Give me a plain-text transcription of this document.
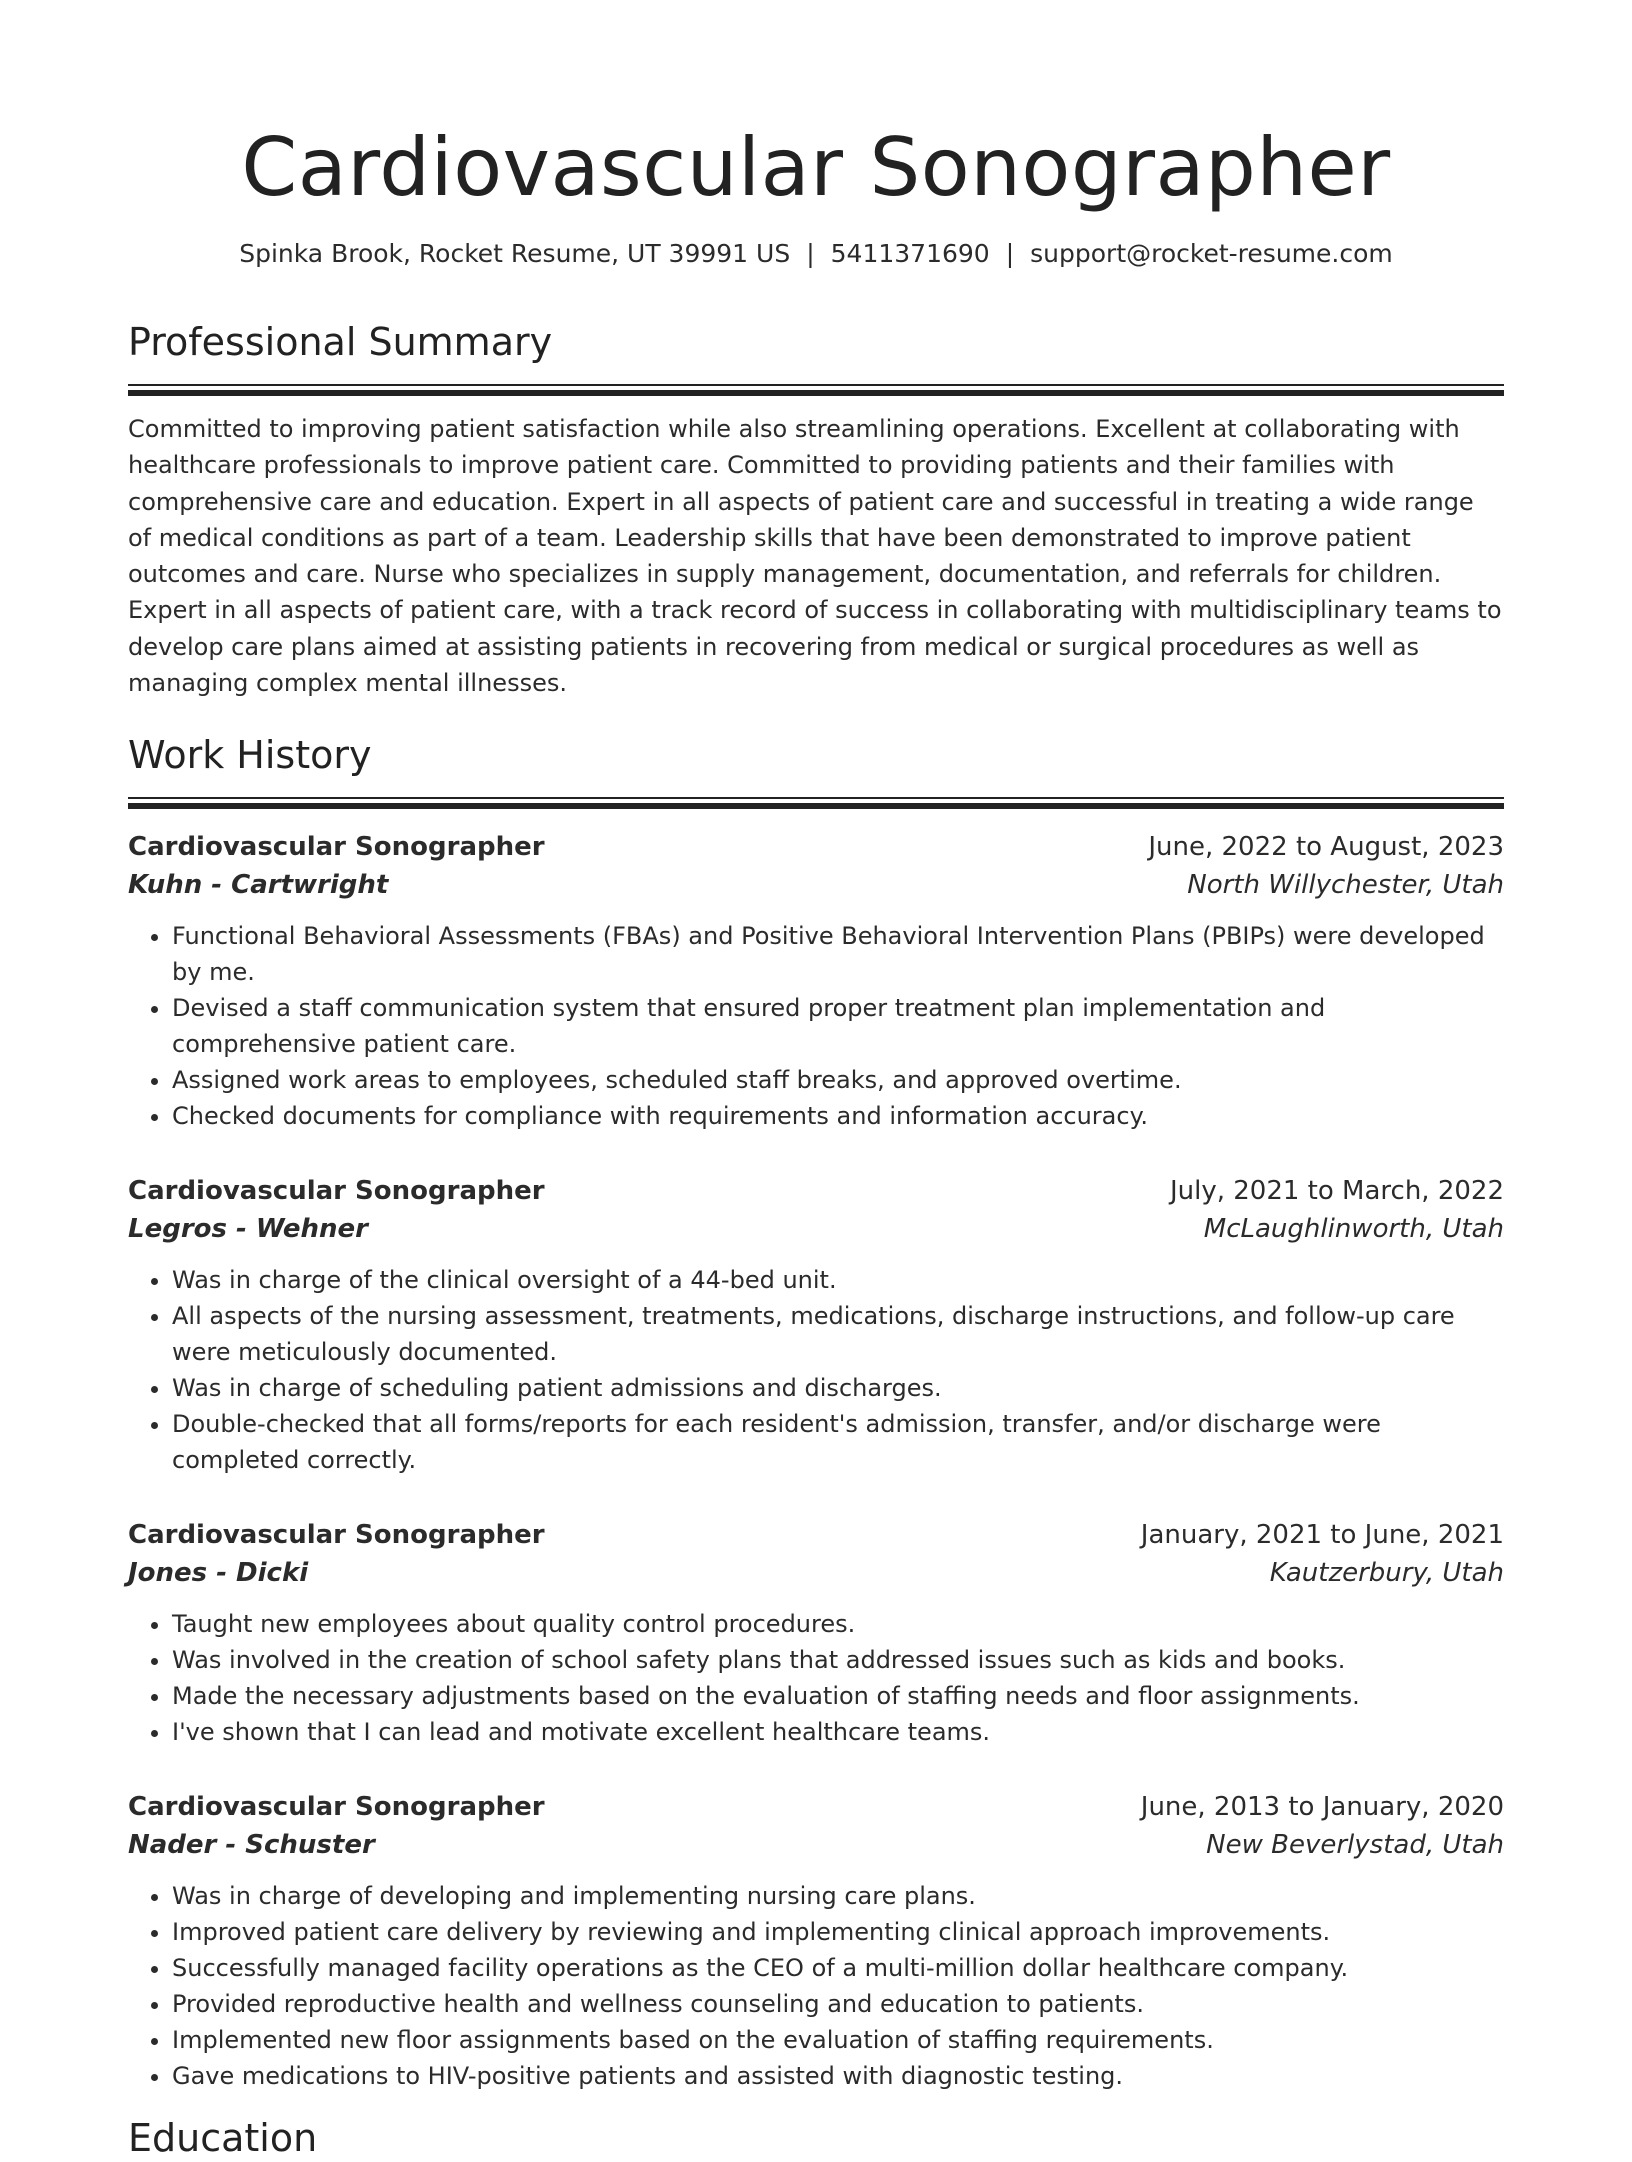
Cardiovascular Sonographer
Spinka Brook, Rocket Resume, UT 39991 US | 5411371690 | support@rocket-resume.com
Professional Summary

Committed to improving patient satisfaction while also streamlining operations. Excellent at collaborating with healthcare professionals to improve patient care. Committed to providing patients and their families with comprehensive care and education. Expert in all aspects of patient care and successful in treating a wide range of medical conditions as part of a team. Leadership skills that have been demonstrated to improve patient outcomes and care. Nurse who specializes in supply management, documentation, and referrals for children. Expert in all aspects of patient care, with a track record of success in collaborating with multidisciplinary teams to develop care plans aimed at assisting patients in recovering from medical or surgical procedures as well as managing complex mental illnesses.

Work History
Cardiovascular Sonographer	June, 2022 to August, 2023
Kuhn - Cartwright	North Willychester, Utah
• Functional Behavioral Assessments (FBAs) and Positive Behavioral Intervention Plans (PBIPs) were developed by me.
• Devised a staff communication system that ensured proper treatment plan implementation and comprehensive patient care.
• Assigned work areas to employees, scheduled staff breaks, and approved overtime.
• Checked documents for compliance with requirements and information accuracy.
Cardiovascular Sonographer	July, 2021 to March, 2022
Legros - Wehner	McLaughlinworth, Utah
• Was in charge of the clinical oversight of a 44-bed unit.
• All aspects of the nursing assessment, treatments, medications, discharge instructions, and follow-up care were meticulously documented.
• Was in charge of scheduling patient admissions and discharges.
• Double-checked that all forms/reports for each resident's admission, transfer, and/or discharge were completed correctly.
Cardiovascular Sonographer	January, 2021 to June, 2021
Jones - Dicki	Kautzerbury, Utah
• Taught new employees about quality control procedures.
• Was involved in the creation of school safety plans that addressed issues such as kids and books.
• Made the necessary adjustments based on the evaluation of staffing needs and floor assignments.
• I've shown that I can lead and motivate excellent healthcare teams.
Cardiovascular Sonographer	June, 2013 to January, 2020
Nader - Schuster	New Beverlystad, Utah
• Was in charge of developing and implementing nursing care plans.
• Improved patient care delivery by reviewing and implementing clinical approach improvements.
• Successfully managed facility operations as the CEO of a multi-million dollar healthcare company.
• Provided reproductive health and wellness counseling and education to patients.
• Implemented new floor assignments based on the evaluation of staffing requirements.
• Gave medications to HIV-positive patients and assisted with diagnostic testing.
Education
